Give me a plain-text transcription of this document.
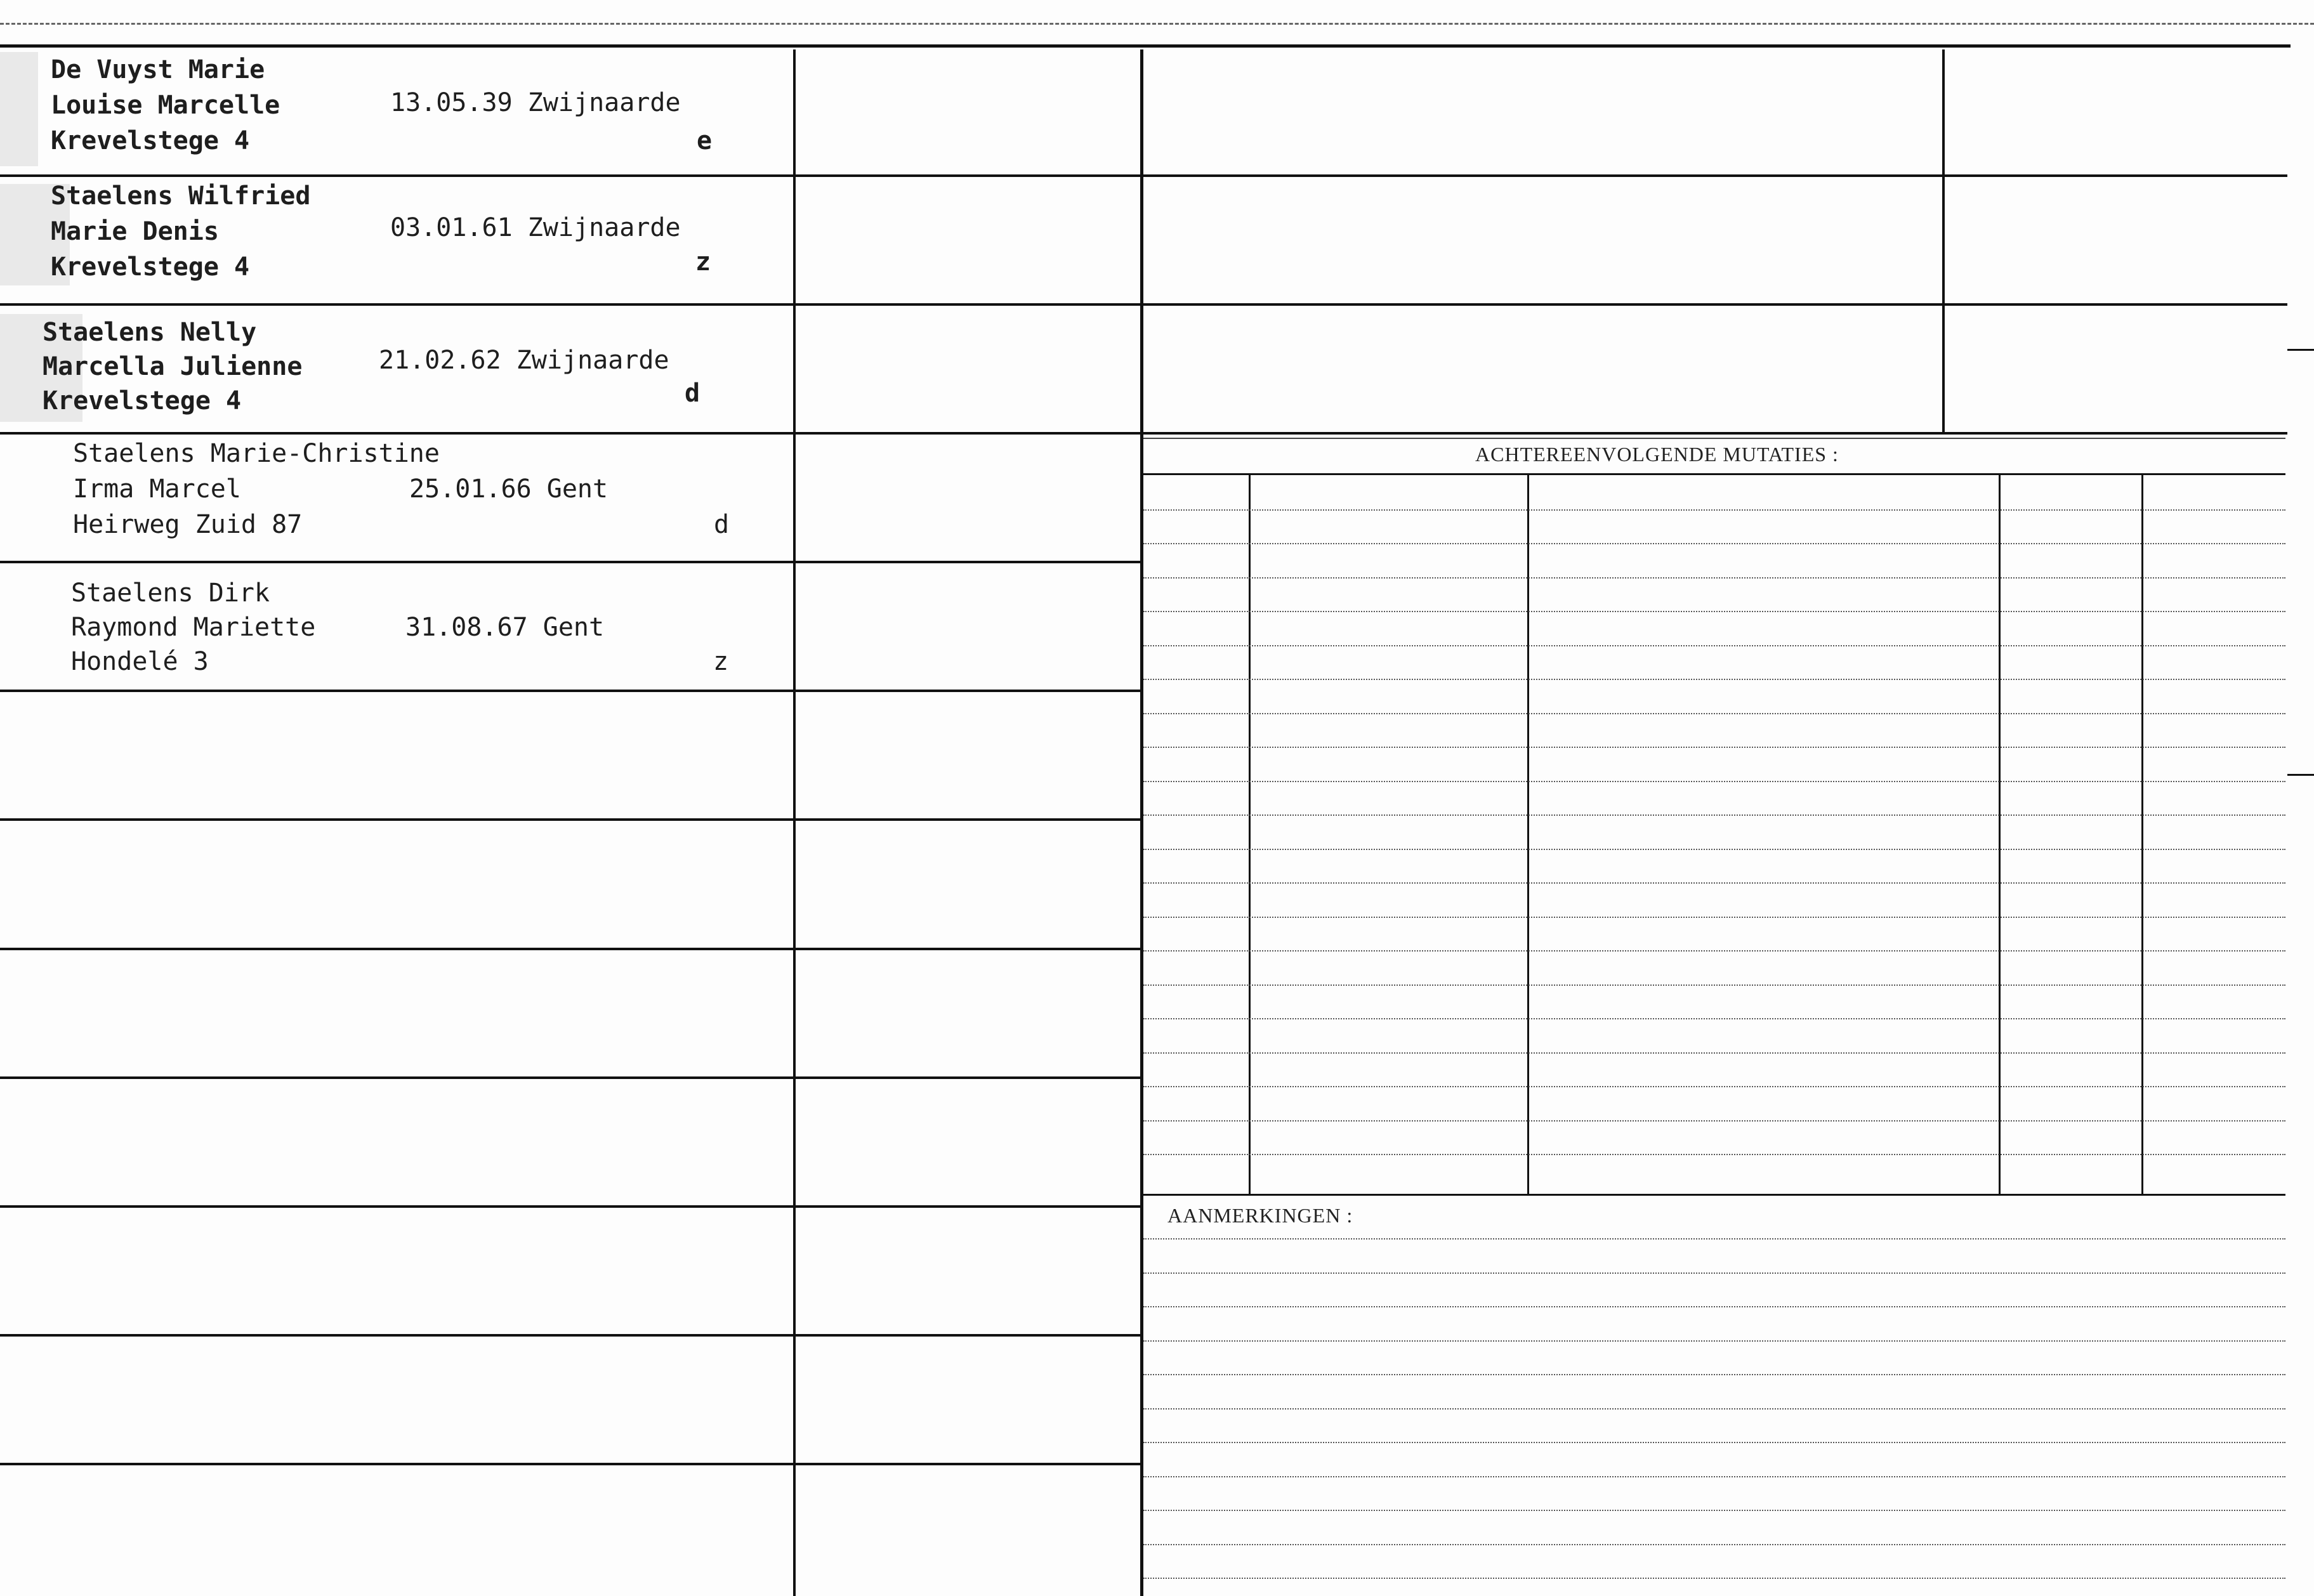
De Vuyst Marie
Louise Marcelle
Krevelstege 4
13.05.39 Zwijnaarde
e
Staelens Wilfried
Marie Denis
Krevelstege 4
03.01.61 Zwijnaarde
z
Staelens Nelly
Marcella Julienne
Krevelstege 4
21.02.62 Zwijnaarde
d
Staelens Marie-Christine
Irma Marcel
Heirweg Zuid 87
25.01.66 Gent
d
Staelens Dirk
Raymond Mariette
Hondelé 3
31.08.67 Gent
z
ACHTEREENVOLGENDE MUTATIES :
AANMERKINGEN :
